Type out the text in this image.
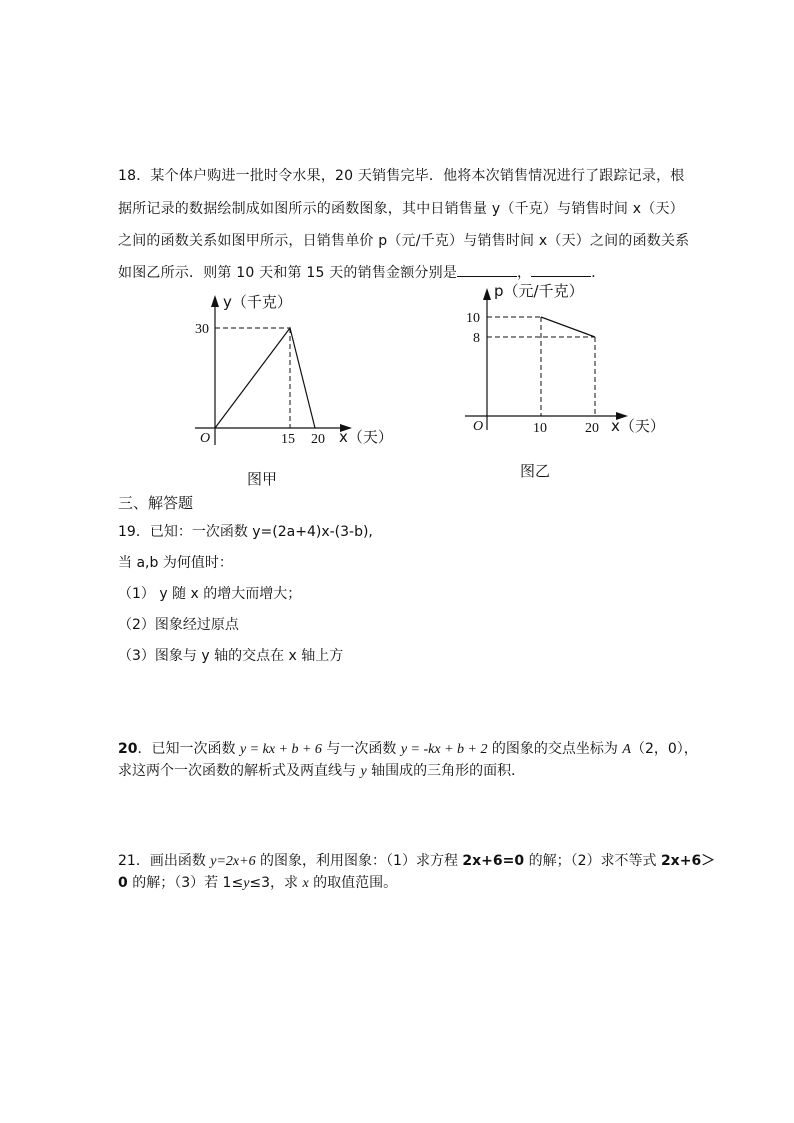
18．某个体户购进一批时令水果，20 天销售完毕．他将本次销售情况进行了跟踪记录，根
据所记录的数据绘制成如图所示的函数图象，其中日销售量 y（千克）与销售时间 x（天）
之间的函数关系如图甲所示，日销售单价 p（元/千克）与销售时间 x（天）之间的函数关系
如图乙所示．则第 10 天和第 15 天的销售金额分别是	，	．
y（千克）
30
O	15 20 x（天）
图甲
p（元/千克）
10
8
O	10	20 x（天）
图乙
三、解答题
19．已知：一次函数 y=(2a+4)x-(3-b),
当 a,b 为何值时：
（1） y 随 x 的增大而增大；
（2）图象经过原点
（3）图象与 y 轴的交点在 x 轴上方
20．已知一次函数 y = kx + b + 6 与一次函数 y = -kx + b + 2 的图象的交点坐标为 A（2，0），
求这两个一次函数的解析式及两直线与 y 轴围成的三角形的面积．
21．画出函数 y=2x+6 的图象，利用图象：（1）求方程 2x+6=0 的解；（2）求不等式 2x+6＞
0 的解；（3）若 1≤y≤3，求 x 的取值范围。
